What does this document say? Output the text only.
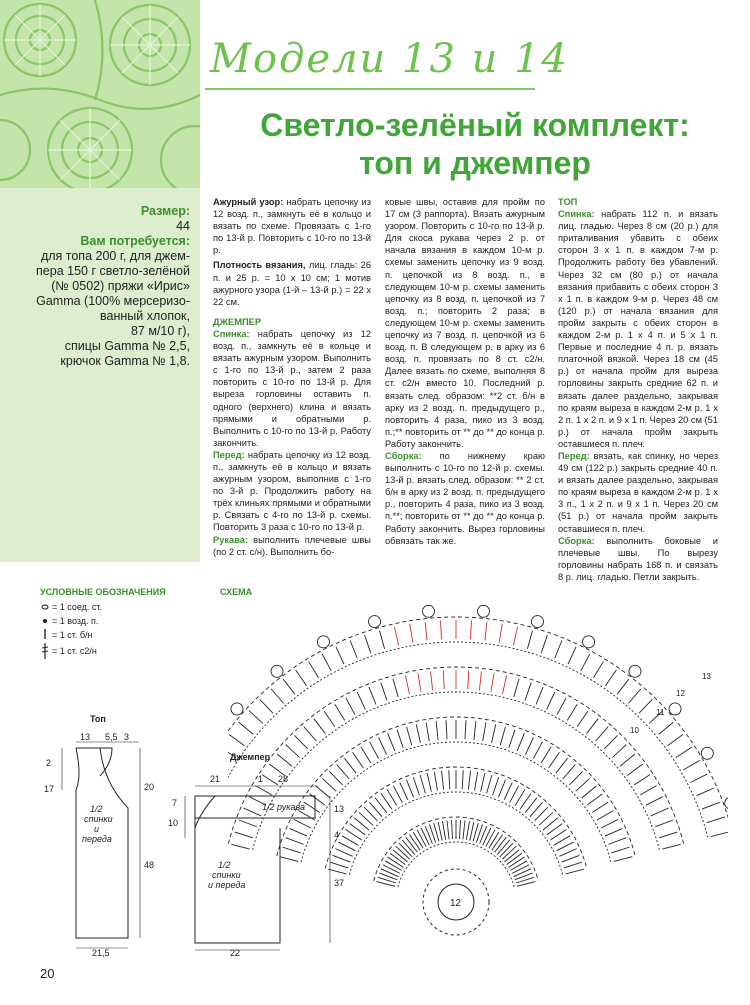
Модели 13 и 14
Светло-зелёный комплект:
топ и джемпер
Размер:
44
Вам потребуется:
для топа 200 г, для джем-
пера 150 г светло-зелёной
(№ 0502) пряжи «Ирис»
Gamma (100% мерсеризо-
ванный хлопок,
87 м/10 г),
спицы Gamma № 2,5,
крючок Gamma № 1,8.

Ажурный узор: набрать цепочку из 12 возд. п., замкнуть её в кольцо и вязать по схеме. Провязать с 1-го по 13-й р. Повторить с 10-го по 13-й р.

Плотность вязания, лиц. гладь: 26 п. и 25 р. = 10 х 10 см; 1 мотив ажурного узора (1-й – 13-й р.) = 22 х 22 см.

ДЖЕМПЕР

Спинка: набрать цепочку из 12 возд. п., замкнуть её в кольце и вязать ажурным узором. Выполнить с 1-го по 13-й р., затем 2 раза повторить с 10-го по 13-й р. Для выреза горловины оставить п. одного (верхнего) клина и вязать прямыми и обратными р. Выполнить с 10-го по 13-й р. Работу закончить.

Перед: набрать цепочку из 12 возд. п., замкнуть её в кольцо и вязать ажурным узором, выполнив с 1-го по 3-й р. Продолжить работу на трёх клиньях прямыми и обратными р. Связать с 4-го по 13-й р. схемы. Повторить 3 раза с 10-го по 13-й р.

Рукава: выполнить плечевые швы (по 2 ст. с/н). Выполнить бо-

ковые швы, оставив для пройм по 17 см (3 раппорта). Вязать ажурным узором. Повторить с 10-го по 13-й р. Для скоса рукава через 2 р. от начала вязания в каждом 10-м р. схемы заменить цепочку из 9 возд. п. цепочкой из 8 возд. п., в следующем 10-м р. схемы заменить цепочку из 8 возд. п. цепочкой из 7 возд. п.; повторить 2 раза; в следующем 10-м р. схемы заменить цепочку из 7 возд. п. цепочкой из 6 возд. п. В следующем р. в арку из 6 возд. п. провязать по 8 ст. с2/н. Далее вязать по схеме, выполняя 8 ст. с2/н вместо 10. Последний р. вязать след. образом: **2 ст. б/н в арку из 2 возд. п. предыдущего р., повторить 4 раза, пико из 3 возд. п.;** повторить от ** до ** до конца р. Работу закончить.

Сборка: по нижнему краю выполнить с 10-го по 12-й р. схемы. 13-й р. вязать след. образом: ** 2 ст. б/н в арку из 2 возд. п. предыдущего р., повторить 4 раза, пико из 3 возд. п.**; повторить от ** до ** до конца р. Работу закончить. Вырез горловины обвязать так же.

ТОП

Спинка: набрать 112 п. и вязать лиц. гладью. Через 8 см (20 р.) для приталивания убавить с обеих сторон 3 х 1 п. в каждом 7-м р. Продолжить работу без убавлений. Через 32 см (80 р.) от начала вязания прибавить с обеих сторон 3 х 1 п. в каждом 9-м р. Через 48 см (120 р.) от начала вязания для пройм закрыть с обеих сторон в каждом 2-м р. 1 х 4 п. и 5 х 1 п. Первые и последние 4 п. р. вязать платочной вязкой. Через 18 см (45 р.) от начала пройм для выреза горловины закрыть средние 62 п. и вязать далее раздельно, закрывая по краям выреза в каждом 2-м р. 1 х 2 п. 1 х 2 п. и 9 х 1 п. Через 20 см (51 р.) от начала пройм закрыть оставшиеся п. плеч.

Перед: вязать, как спинку, но через 49 см (122 р.) закрыть средние 40 п. и вязать далее раздельно, закрывая по краям выреза в каждом 2-м р. 1 х 3 п., 1 х 2 п. и 9 х 1 п. Через 20 см (51 р.) от начала пройм закрыть оставшиеся п. плеч.

Сборка: выполнить боковые и плечевые швы. По вырезу горловины набрать 168 п. и связать 8 р. лиц. гладью. Петли закрыть.

УСЛОВНЫЕ ОБОЗНАЧЕНИЯ
= 1 соед. ст.
= 1 возд. п.
= 1 ст. б/н
= 1 ст. с2/н
СХЕМА
12
13
12
11
10
Топ
13 5,5 3
2
17	20
48
21,5
1/2
спинки
и
переда
Джемпер
21	1 28
7
10
13
4
37
22
1/2 рукава
1/2
спинки
и переда
20
